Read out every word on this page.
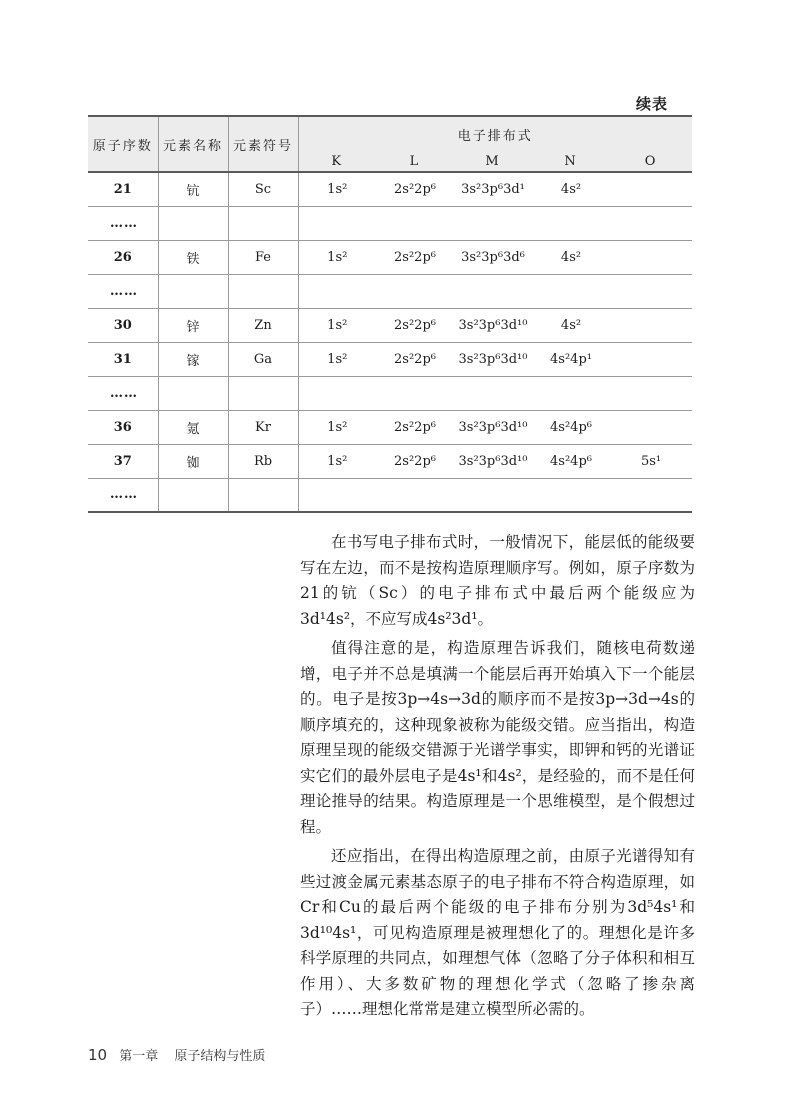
续表
原子序数	元素名称	元素符号	电子排布式				
			K	L	M	N	O
21	钪	Sc	1s²	2s²2p⁶	3s²3p⁶3d¹	4s²	
……							
26	铁	Fe	1s²	2s²2p⁶	3s²3p⁶3d⁶	4s²	
……							
30	锌	Zn	1s²	2s²2p⁶	3s²3p⁶3d¹⁰	4s²	
31	镓	Ga	1s²	2s²2p⁶	3s²3p⁶3d¹⁰	4s²4p¹	
……							
36	氪	Kr	1s²	2s²2p⁶	3s²3p⁶3d¹⁰	4s²4p⁶	
37	铷	Rb	1s²	2s²2p⁶	3s²3p⁶3d¹⁰	4s²4p⁶	5s¹
……							

在书写电子排布式时，一般情况下，能层低的能级要写在左边，而不是按构造原理顺序写。例如，原子序数为21的钪（Sc）的电子排布式中最后两个能级应为3d¹4s²，不应写成4s²3d¹。

值得注意的是，构造原理告诉我们，随核电荷数递增，电子并不总是填满一个能层后再开始填入下一个能层的。电子是按3p→4s→3d的顺序而不是按3p→3d→4s的顺序填充的，这种现象被称为能级交错。应当指出，构造原理呈现的能级交错源于光谱学事实，即钾和钙的光谱证实它们的最外层电子是4s¹和4s²，是经验的，而不是任何理论推导的结果。构造原理是一个思维模型，是个假想过程。

还应指出，在得出构造原理之前，由原子光谱得知有些过渡金属元素基态原子的电子排布不符合构造原理，如Cr和Cu的最后两个能级的电子排布分别为3d⁵4s¹和3d¹⁰4s¹，可见构造原理是被理想化了的。理想化是许多科学原理的共同点，如理想气体（忽略了分子体积和相互作用）、大多数矿物的理想化学式（忽略了掺杂离子）……理想化常常是建立模型所必需的。

10 第一章 原子结构与性质
